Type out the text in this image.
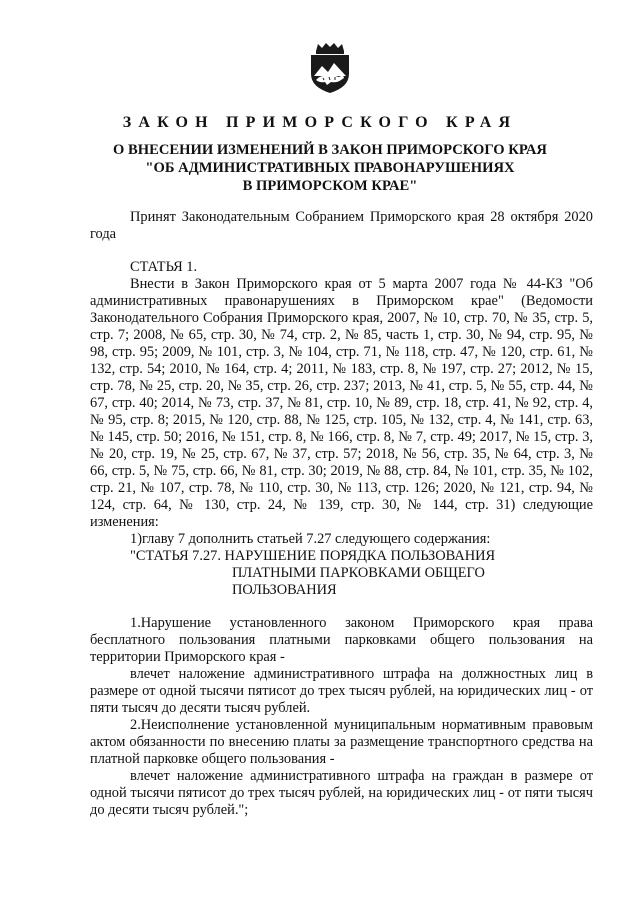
ЗАКОН ПРИМОРСКОГО КРАЯ
О ВНЕСЕНИИ ИЗМЕНЕНИЙ В ЗАКОН ПРИМОРСКОГО КРАЯ
"ОБ АДМИНИСТРАТИВНЫХ ПРАВОНАРУШЕНИЯХ
В ПРИМОРСКОМ КРАЕ"

Принят Законодательным Собранием Приморского края 28 октября 2020 года

СТАТЬЯ 1.

Внести в Закон Приморского края от 5 марта 2007 года № 44-КЗ "Об административных правонарушениях в Приморском крае" (Ведомости Законодательного Собрания Приморского края, 2007, № 10, стр. 70, № 35, стр. 5, стр. 7; 2008, № 65, стр. 30, № 74, стр. 2, № 85, часть 1, стр. 30, № 94, стр. 95, № 98, стр. 95; 2009, № 101, стр. 3, № 104, стр. 71, № 118, стр. 47, № 120, стр. 61, № 132, стр. 54; 2010, № 164, стр. 4; 2011, № 183, стр. 8, № 197, стр. 27; 2012, № 15, стр. 78, № 25, стр. 20, № 35, стр. 26, стр. 237; 2013, № 41, стр. 5, № 55, стр. 44, № 67, стр. 40; 2014, № 73, стр. 37, № 81, стр. 10, № 89, стр. 18, стр. 41, № 92, стр. 4, № 95, стр. 8; 2015, № 120, стр. 88, № 125, стр. 105, № 132, стр. 4, № 141, стр. 63, № 145, стр. 50; 2016, № 151, стр. 8, № 166, стр. 8, № 7, стр. 49; 2017, № 15, стр. 3, № 20, стр. 19, № 25, стр. 67, № 37, стр. 57; 2018, № 56, стр. 35, № 64, стр. 3, № 66, стр. 5, № 75, стр. 66, № 81, стр. 30; 2019, № 88, стр. 84, № 101, стр. 35, № 102, стр. 21, № 107, стр. 78, № 110, стр. 30, № 113, стр. 126; 2020, № 121, стр. 94, № 124, стр. 64, № 130, стр. 24, № 139, стр. 30, № 144, стр. 31) следующие изменения:

1)главу 7 дополнить статьей 7.27 следующего содержания:

"СТАТЬЯ 7.27. НАРУШЕНИЕ ПОРЯДКА ПОЛЬЗОВАНИЯ
ПЛАТНЫМИ ПАРКОВКАМИ ОБЩЕГО
ПОЛЬЗОВАНИЯ

1.Нарушение установленного законом Приморского края права бесплатного пользования платными парковками общего пользования на территории Приморского края -

влечет наложение административного штрафа на должностных лиц в размере от одной тысячи пятисот до трех тысяч рублей, на юридических лиц - от пяти тысяч до десяти тысяч рублей.

2.Неисполнение установленной муниципальным нормативным правовым актом обязанности по внесению платы за размещение транспортного средства на платной парковке общего пользования -

влечет наложение административного штрафа на граждан в размере от одной тысячи пятисот до трех тысяч рублей, на юридических лиц - от пяти тысяч до десяти тысяч рублей.";
